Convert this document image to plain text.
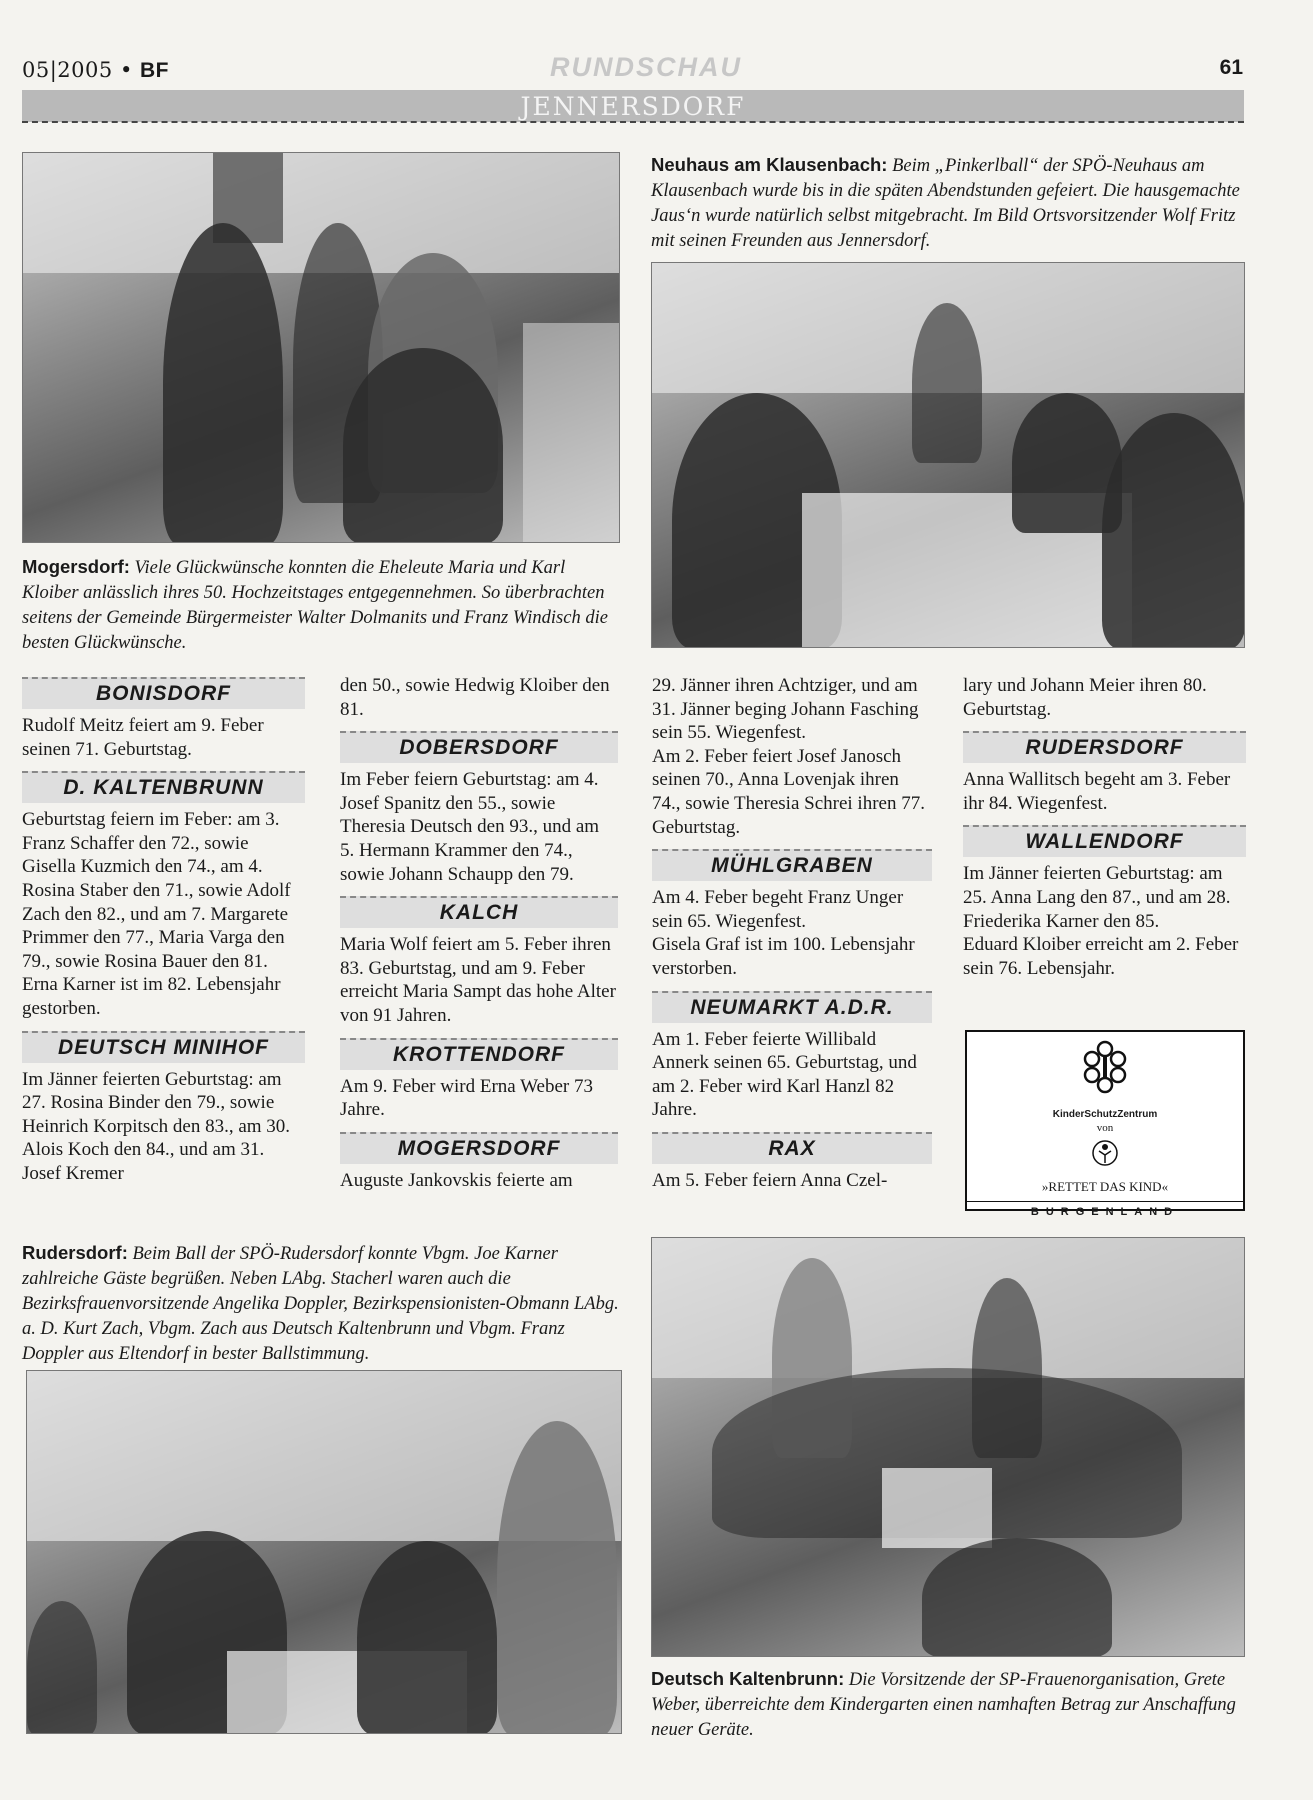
05|2005 • BF	RUNDSCHAU	61
JENNERSDORF
Mogersdorf: Viele Glückwünsche konnten die Eheleute Maria und Karl Kloiber anlässlich ihres 50. Hochzeitstages entgegennehmen. So überbrachten seitens der Gemeinde Bürgermeister Walter Dolmanits und Franz Windisch die besten Glückwünsche.
Neuhaus am Klausenbach: Beim „Pinkerlball“ der SPÖ-Neuhaus am Klausenbach wurde bis in die späten Abendstunden gefeiert. Die hausgemachte Jaus‘n wurde natürlich selbst mitgebracht. Im Bild Ortsvorsitzender Wolf Fritz mit seinen Freunden aus Jennersdorf.
BONISDORF

Rudolf Meitz feiert am 9. Feber seinen 71. Geburtstag.

D. KALTENBRUNN

Geburtstag feiern im Feber: am 3. Franz Schaffer den 72., sowie Gisella Kuzmich den 74., am 4. Rosina Staber den 71., sowie Adolf Zach den 82., und am 7. Margarete Primmer den 77., Maria Varga den 79., sowie Rosina Bauer den 81.

Erna Karner ist im 82. Lebensjahr gestorben.

DEUTSCH MINIHOF

Im Jänner feierten Geburtstag: am 27. Rosina Binder den 79., sowie Heinrich Korpitsch den 83., am 30. Alois Koch den 84., und am 31. Josef Kremer

den 50., sowie Hedwig Kloiber den 81.

DOBERSDORF

Im Feber feiern Geburtstag: am 4. Josef Spanitz den 55., sowie Theresia Deutsch den 93., und am 5. Hermann Krammer den 74., sowie Johann Schaupp den 79.

KALCH

Maria Wolf feiert am 5. Feber ihren 83. Geburtstag, und am 9. Feber erreicht Maria Sampt das hohe Alter von 91 Jahren.

KROTTENDORF

Am 9. Feber wird Erna Weber 73 Jahre.

MOGERSDORF

Auguste Jankovskis feierte am

29. Jänner ihren Achtziger, und am 31. Jänner beging Johann Fasching sein 55. Wiegenfest.

Am 2. Feber feiert Josef Janosch seinen 70., Anna Lovenjak ihren 74., sowie Theresia Schrei ihren 77. Geburtstag.

MÜHLGRABEN

Am 4. Feber begeht Franz Unger sein 65. Wiegenfest.

Gisela Graf ist im 100. Lebensjahr verstorben.

NEUMARKT A.D.R.

Am 1. Feber feierte Willibald Annerk seinen 65. Geburtstag, und am 2. Feber wird Karl Hanzl 82 Jahre.

RAX

Am 5. Feber feiern Anna Czel-

lary und Johann Meier ihren 80. Geburtstag.

RUDERSDORF

Anna Wallitsch begeht am 3. Feber ihr 84. Wiegenfest.

WALLENDORF

Im Jänner feierten Geburtstag: am 25. Anna Lang den 87., und am 28. Friederika Karner den 85.

Eduard Kloiber erreicht am 2. Feber sein 76. Lebensjahr.

KinderSchutzZentrum
von
»RETTET DAS KIND«
BURGENLAND
Rudersdorf: Beim Ball der SPÖ-Rudersdorf konnte Vbgm. Joe Karner zahlreiche Gäste begrüßen. Neben LAbg. Stacherl waren auch die Bezirksfrauenvorsitzende Angelika Doppler, Bezirkspensionisten-Obmann LAbg. a. D. Kurt Zach, Vbgm. Zach aus Deutsch Kaltenbrunn und Vbgm. Franz Doppler aus Eltendorf in bester Ballstimmung.
Deutsch Kaltenbrunn: Die Vorsitzende der SP-Frauenorganisation, Grete Weber, überreichte dem Kindergarten einen namhaften Betrag zur Anschaffung neuer Geräte.
